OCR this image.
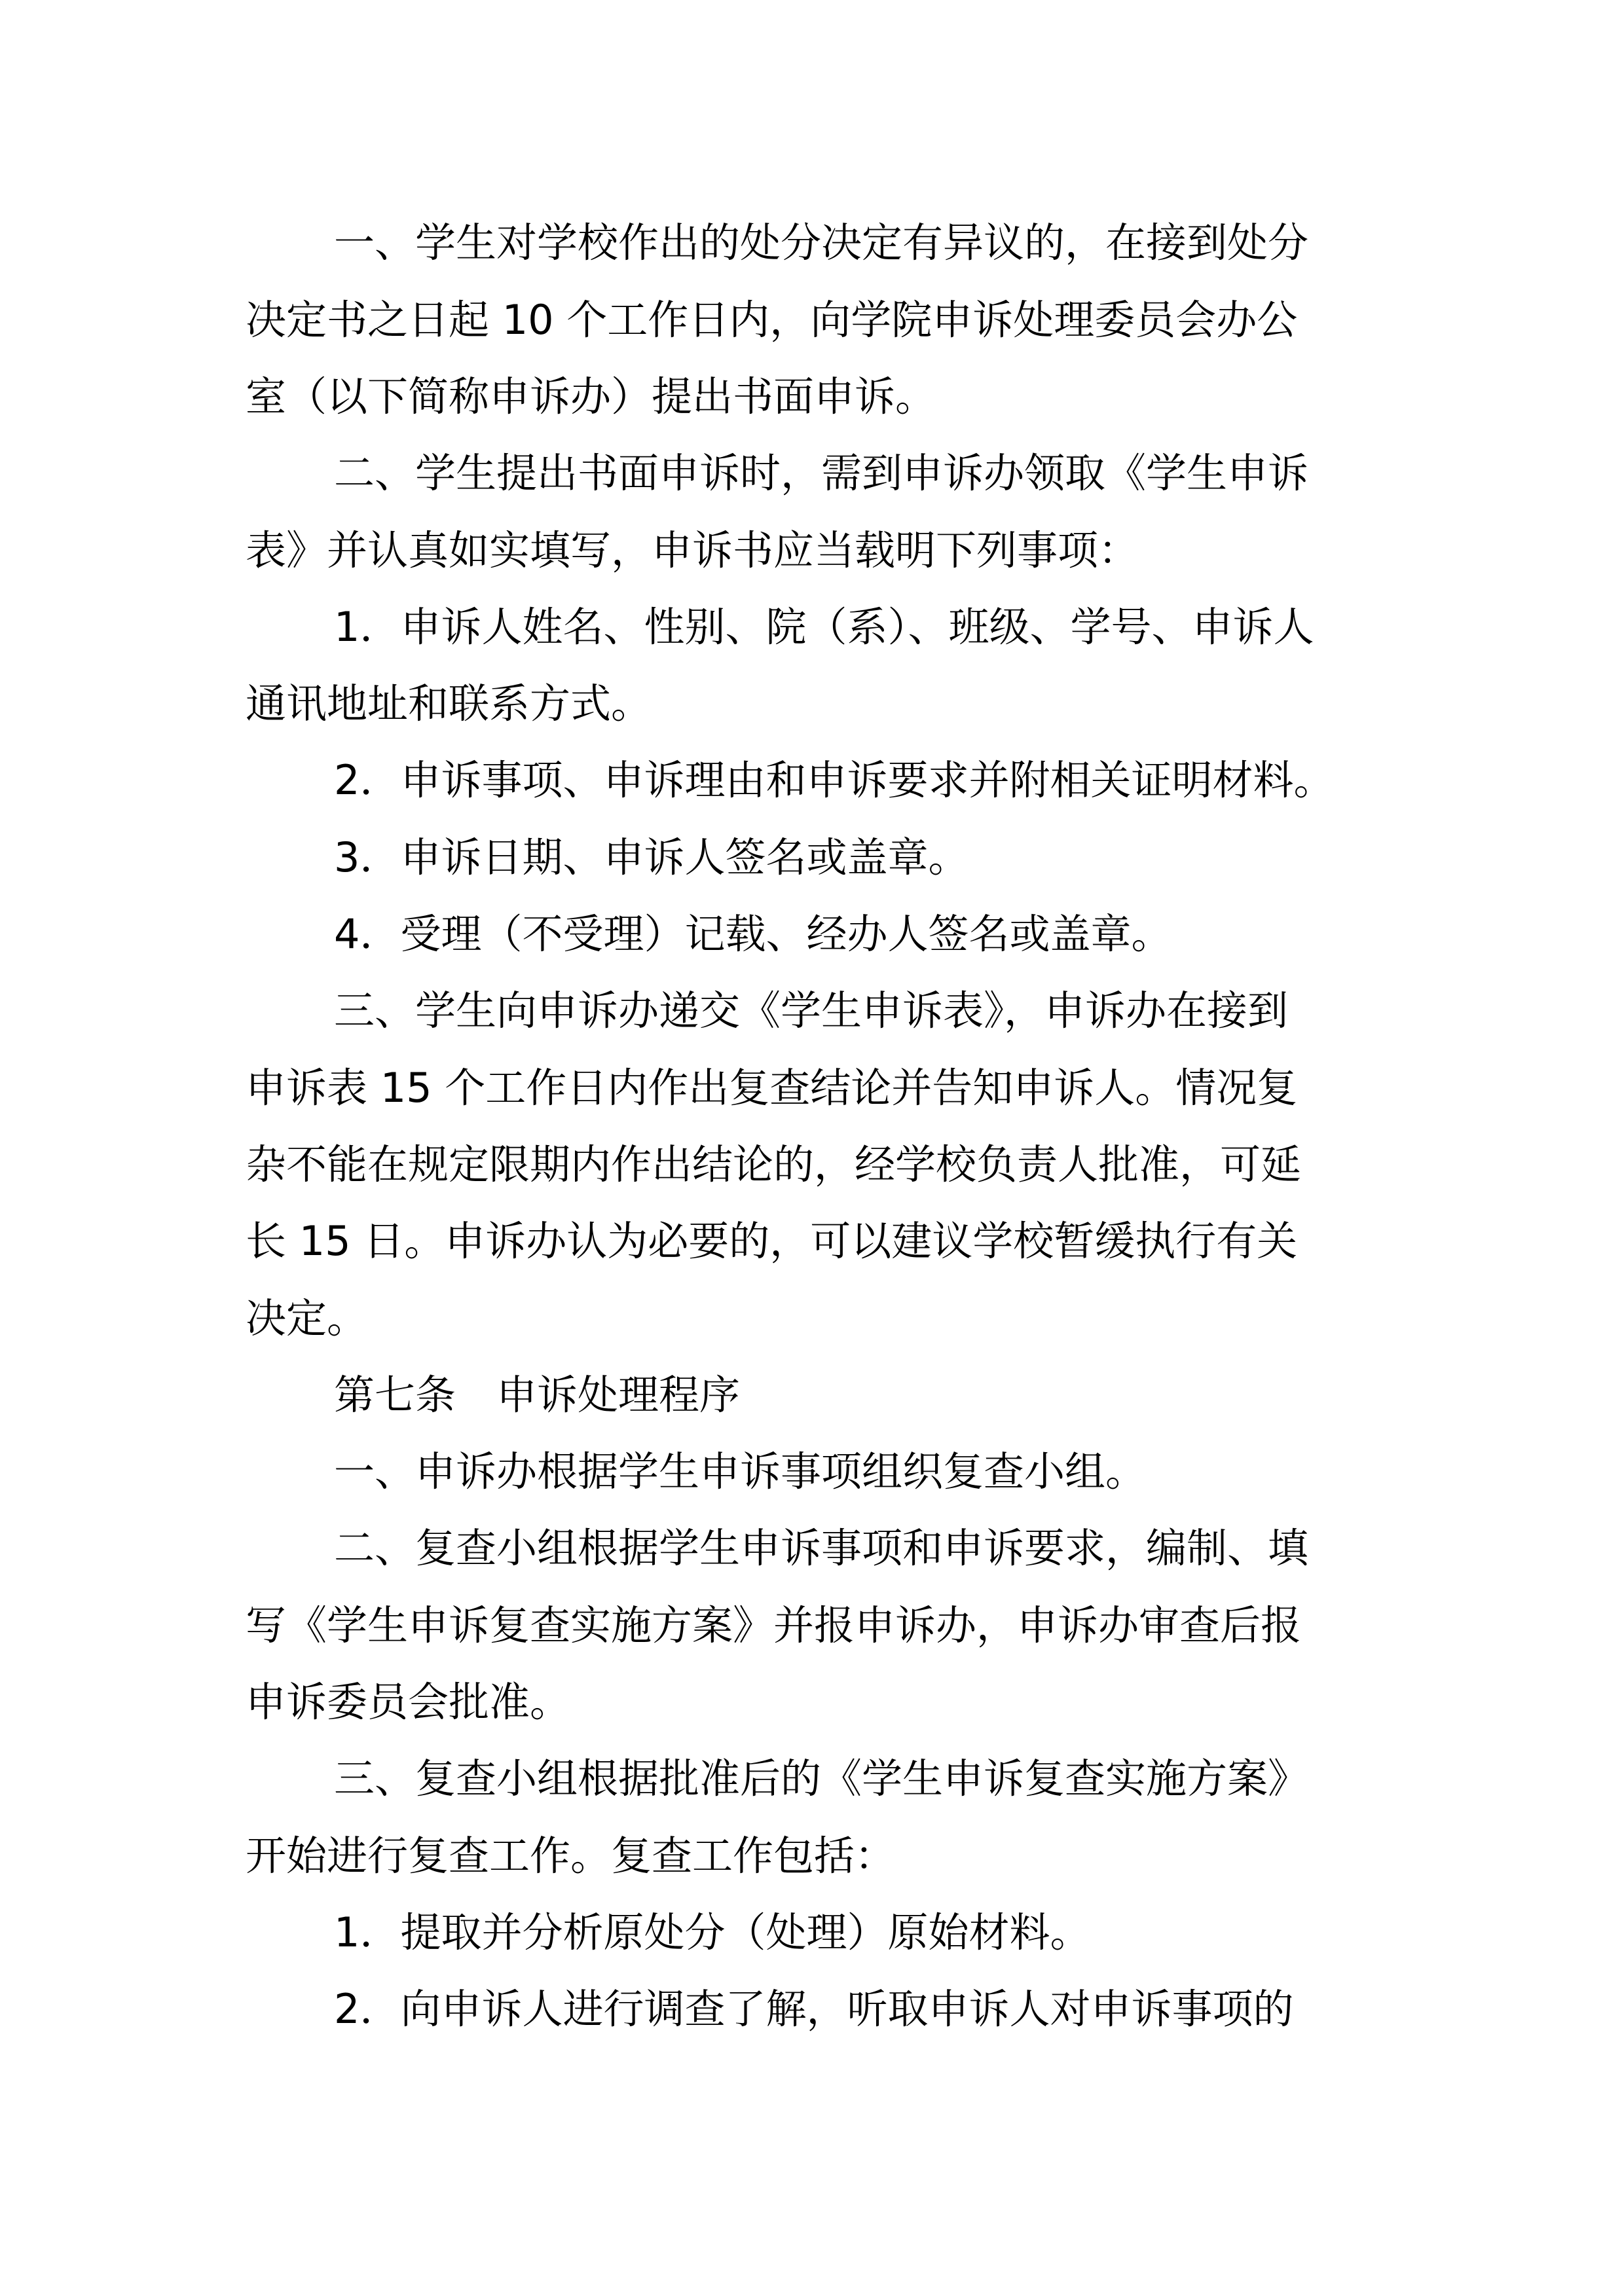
一、学生对学校作出的处分决定有异议的，在接到处分

决定书之日起 10 个工作日内，向学院申诉处理委员会办公

室（以下简称申诉办）提出书面申诉。

二、学生提出书面申诉时，需到申诉办领取《学生申诉

表》并认真如实填写，申诉书应当载明下列事项：

1．申诉人姓名、性别、院（系）、班级、学号、申诉人

通讯地址和联系方式。

2．申诉事项、申诉理由和申诉要求并附相关证明材料。

3．申诉日期、申诉人签名或盖章。

4．受理（不受理）记载、经办人签名或盖章。

三、学生向申诉办递交《学生申诉表》，申诉办在接到

申诉表 15 个工作日内作出复查结论并告知申诉人。情况复

杂不能在规定限期内作出结论的，经学校负责人批准，可延

长 15 日。申诉办认为必要的，可以建议学校暂缓执行有关

决定。

第七条　申诉处理程序

一、申诉办根据学生申诉事项组织复查小组。

二、复查小组根据学生申诉事项和申诉要求，编制、填

写《学生申诉复查实施方案》并报申诉办，申诉办审查后报

申诉委员会批准。

三、复查小组根据批准后的《学生申诉复查实施方案》

开始进行复查工作。复查工作包括：

1．提取并分析原处分（处理）原始材料。

2．向申诉人进行调查了解，听取申诉人对申诉事项的
